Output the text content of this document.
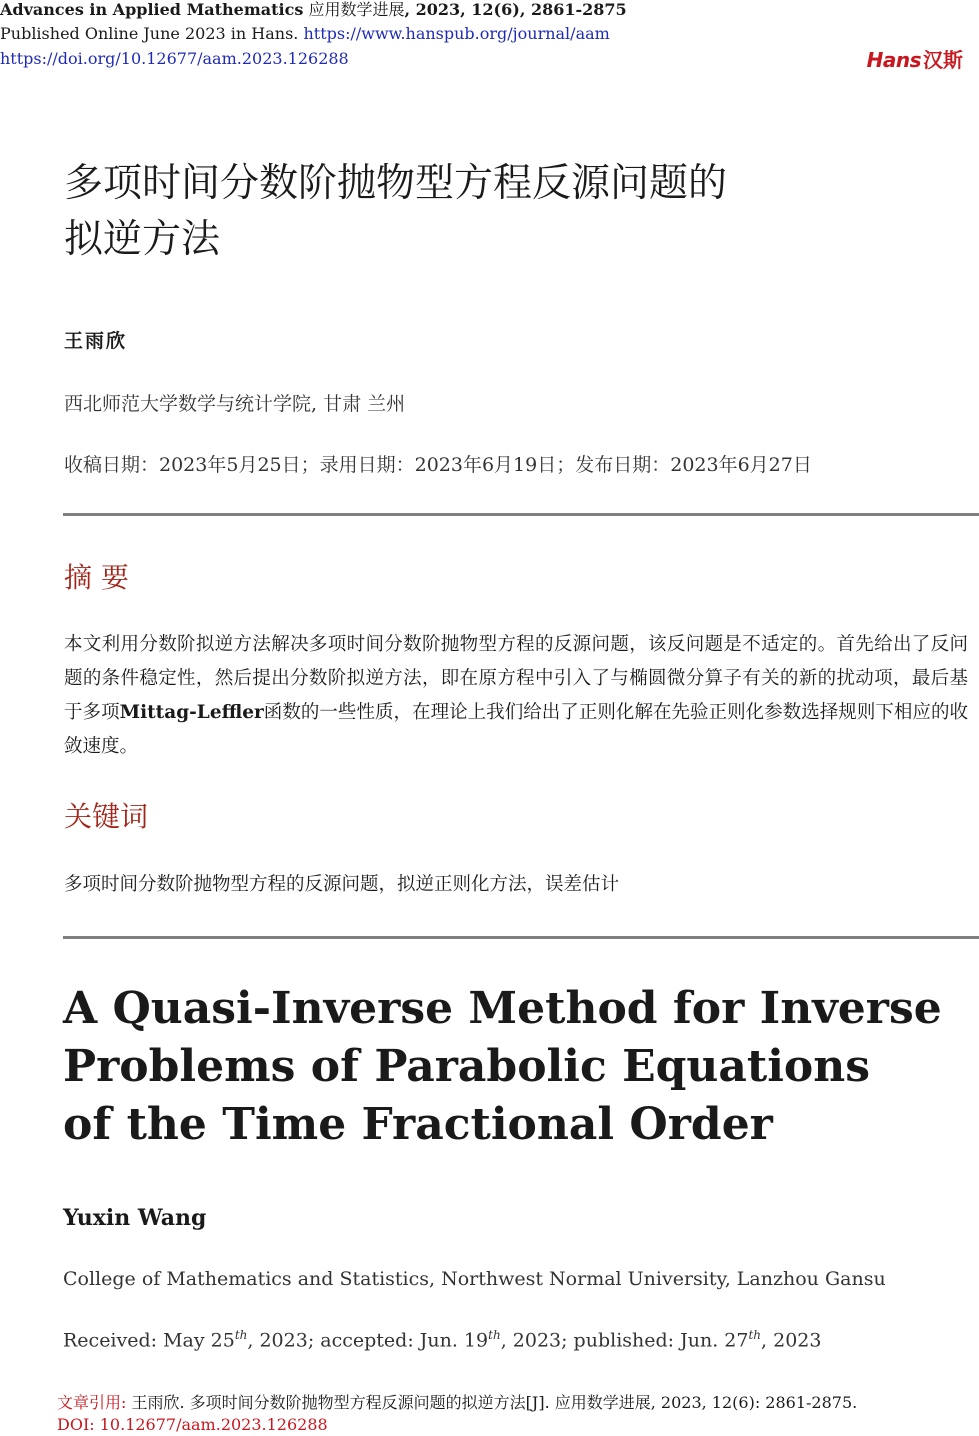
Advances in Applied Mathematics 应用数学进展, 2023, 12(6), 2861-2875
Published Online June 2023 in Hans. https://www.hanspub.org/journal/aam
https://doi.org/10.12677/aam.2023.126288	Hans 汉斯
多项时间分数阶抛物型方程反源问题的
拟逆方法
王雨欣
西北师范大学数学与统计学院, 甘肃 兰州
收稿日期：2023年5月25日；录用日期：2023年6月19日；发布日期：2023年6月27日
摘 要
本文利用分数阶拟逆方法解决多项时间分数阶抛物型方程的反源问题，该反问题是不适定的。首先给出了反问题的条件稳定性，然后提出分数阶拟逆方法，即在原方程中引入了与椭圆微分算子有关的新的扰动项，最后基于多项Mittag-Leffler函数的一些性质，在理论上我们给出了正则化解在先验正则化参数选择规则下相应的收敛速度。
关键词
多项时间分数阶抛物型方程的反源问题，拟逆正则化方法，误差估计
A Quasi-Inverse Method for Inverse
Problems of Parabolic Equations
of the Time Fractional Order
Yuxin Wang
College of Mathematics and Statistics, Northwest Normal University, Lanzhou Gansu
Received: May 25th, 2023; accepted: Jun. 19th, 2023; published: Jun. 27th, 2023
文章引用: 王雨欣. 多项时间分数阶抛物型方程反源问题的拟逆方法[J]. 应用数学进展, 2023, 12(6): 2861-2875.
DOI: 10.12677/aam.2023.126288
